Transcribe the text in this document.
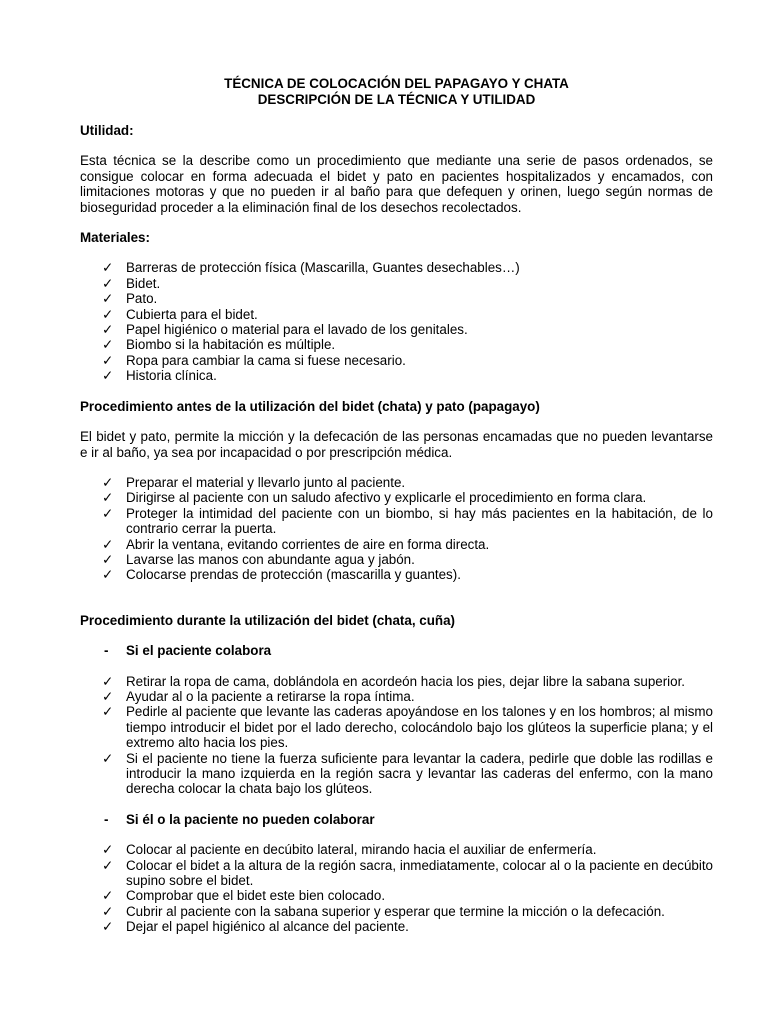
TÉCNICA DE COLOCACIÓN DEL PAPAGAYO Y CHATA

DESCRIPCIÓN DE LA TÉCNICA Y UTILIDAD

Utilidad:

Esta técnica se la describe como un procedimiento que mediante una serie de pasos ordenados, se consigue colocar en forma adecuada el bidet y pato en pacientes hospitalizados y encamados, con limitaciones motoras y que no pueden ir al baño para que defequen y orinen, luego según normas de bioseguridad proceder a la eliminación final de los desechos recolectados.

Materiales:

✓ Barreras de protección física (Mascarilla, Guantes desechables…)
✓ Bidet.
✓ Pato.
✓ Cubierta para el bidet.
✓ Papel higiénico o material para el lavado de los genitales.
✓ Biombo si la habitación es múltiple.
✓ Ropa para cambiar la cama si fuese necesario.
✓ Historia clínica.

Procedimiento antes de la utilización del bidet (chata) y pato (papagayo)

El bidet y pato, permite la micción y la defecación de las personas encamadas que no pueden levantarse e ir al baño, ya sea por incapacidad o por prescripción médica.

✓ Preparar el material y llevarlo junto al paciente.
✓ Dirigirse al paciente con un saludo afectivo y explicarle el procedimiento en forma clara.
✓ Proteger la intimidad del paciente con un biombo, si hay más pacientes en la habitación, de lo contrario cerrar la puerta.
✓ Abrir la ventana, evitando corrientes de aire en forma directa.
✓ Lavarse las manos con abundante agua y jabón.
✓ Colocarse prendas de protección (mascarilla y guantes).

Procedimiento durante la utilización del bidet (chata, cuña)

- Si el paciente colabora

✓ Retirar la ropa de cama, doblándola en acordeón hacia los pies, dejar libre la sabana superior.
✓ Ayudar al o la paciente a retirarse la ropa íntima.
✓ Pedirle al paciente que levante las caderas apoyándose en los talones y en los hombros; al mismo tiempo introducir el bidet por el lado derecho, colocándolo bajo los glúteos la superficie plana; y el extremo alto hacia los pies.
✓ Si el paciente no tiene la fuerza suficiente para levantar la cadera, pedirle que doble las rodillas e introducir la mano izquierda en la región sacra y levantar las caderas del enfermo, con la mano derecha colocar la chata bajo los glúteos.

- Si él o la paciente no pueden colaborar

✓ Colocar al paciente en decúbito lateral, mirando hacia el auxiliar de enfermería.
✓ Colocar el bidet a la altura de la región sacra, inmediatamente, colocar al o la paciente en decúbito supino sobre el bidet.
✓ Comprobar que el bidet este bien colocado.
✓ Cubrir al paciente con la sabana superior y esperar que termine la micción o la defecación.
✓ Dejar el papel higiénico al alcance del paciente.
